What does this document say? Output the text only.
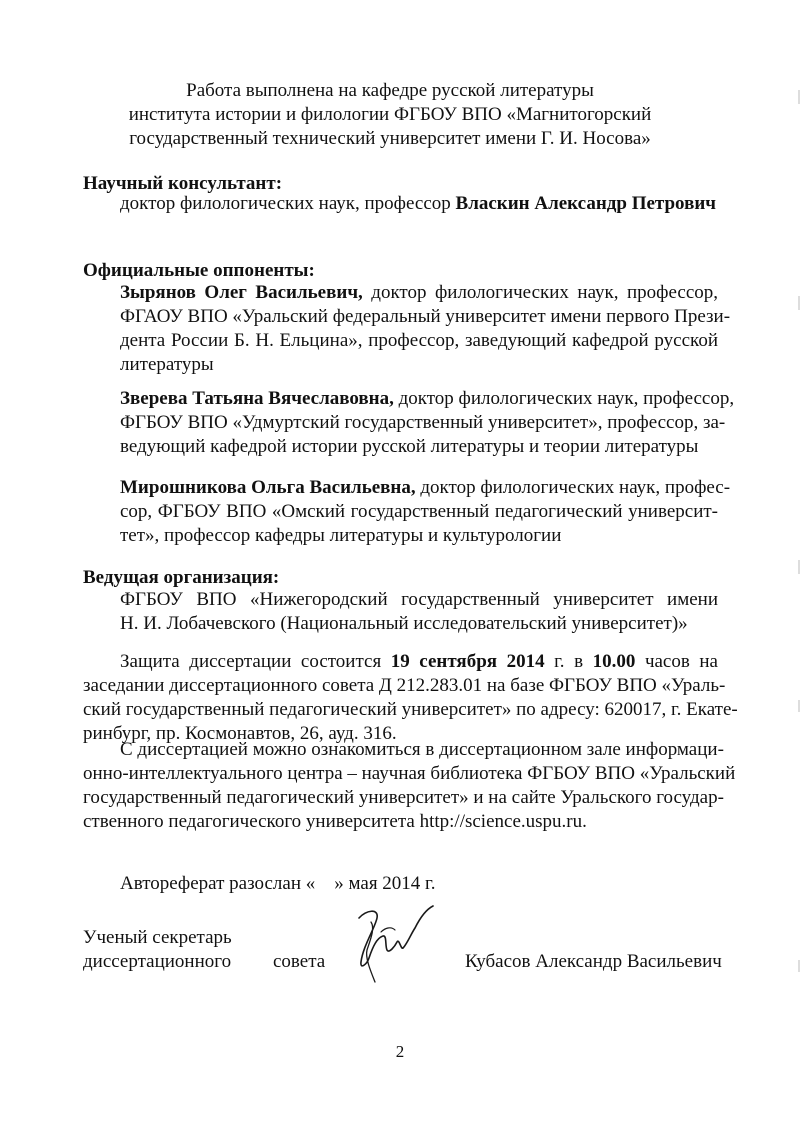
Работа выполнена на кафедре русской литературы
института истории и филологии ФГБОУ ВПО «Магнитогорский
государственный технический университет имени Г. И. Носова»
Научный консультант:
доктор филологических наук, профессор Власкин Александр Петрович
Официальные оппоненты:
Зырянов Олег Васильевич, доктор филологических наук, профессор,
ФГАОУ ВПО «Уральский федеральный университет имени первого Прези-
дента России Б. Н. Ельцина», профессор, заведующий кафедрой русской
литературы
Зверева Татьяна Вячеславовна, доктор филологических наук, профессор,
ФГБОУ ВПО «Удмуртский государственный университет», профессор, за-
ведующий кафедрой истории русской литературы и теории литературы
Мирошникова Ольга Васильевна, доктор филологических наук, профес-
сор, ФГБОУ ВПО «Омский государственный педагогический университ-
тет», профессор кафедры литературы и культурологии
Ведущая организация:
ФГБОУ ВПО «Нижегородский государственный университет имени
Н. И. Лобачевского (Национальный исследовательский университет)»
Защита диссертации состоится 19 сентября 2014 г. в 10.00 часов на
заседании диссертационного совета Д 212.283.01 на базе ФГБОУ ВПО «Ураль-
ский государственный педагогический университет» по адресу: 620017, г. Екате-
ринбург, пр. Космонавтов, 26, ауд. 316.
С диссертацией можно ознакомиться в диссертационном зале информаци-
онно-интеллектуального центра – научная библиотека ФГБОУ ВПО «Уральский
государственный педагогический университет» и на сайте Уральского государ-
ственного педагогического университета http://science.uspu.ru.
Автореферат разослан «    » мая 2014 г.
Ученый секретарь
диссертационного совета	Кубасов Александр Васильевич
2
